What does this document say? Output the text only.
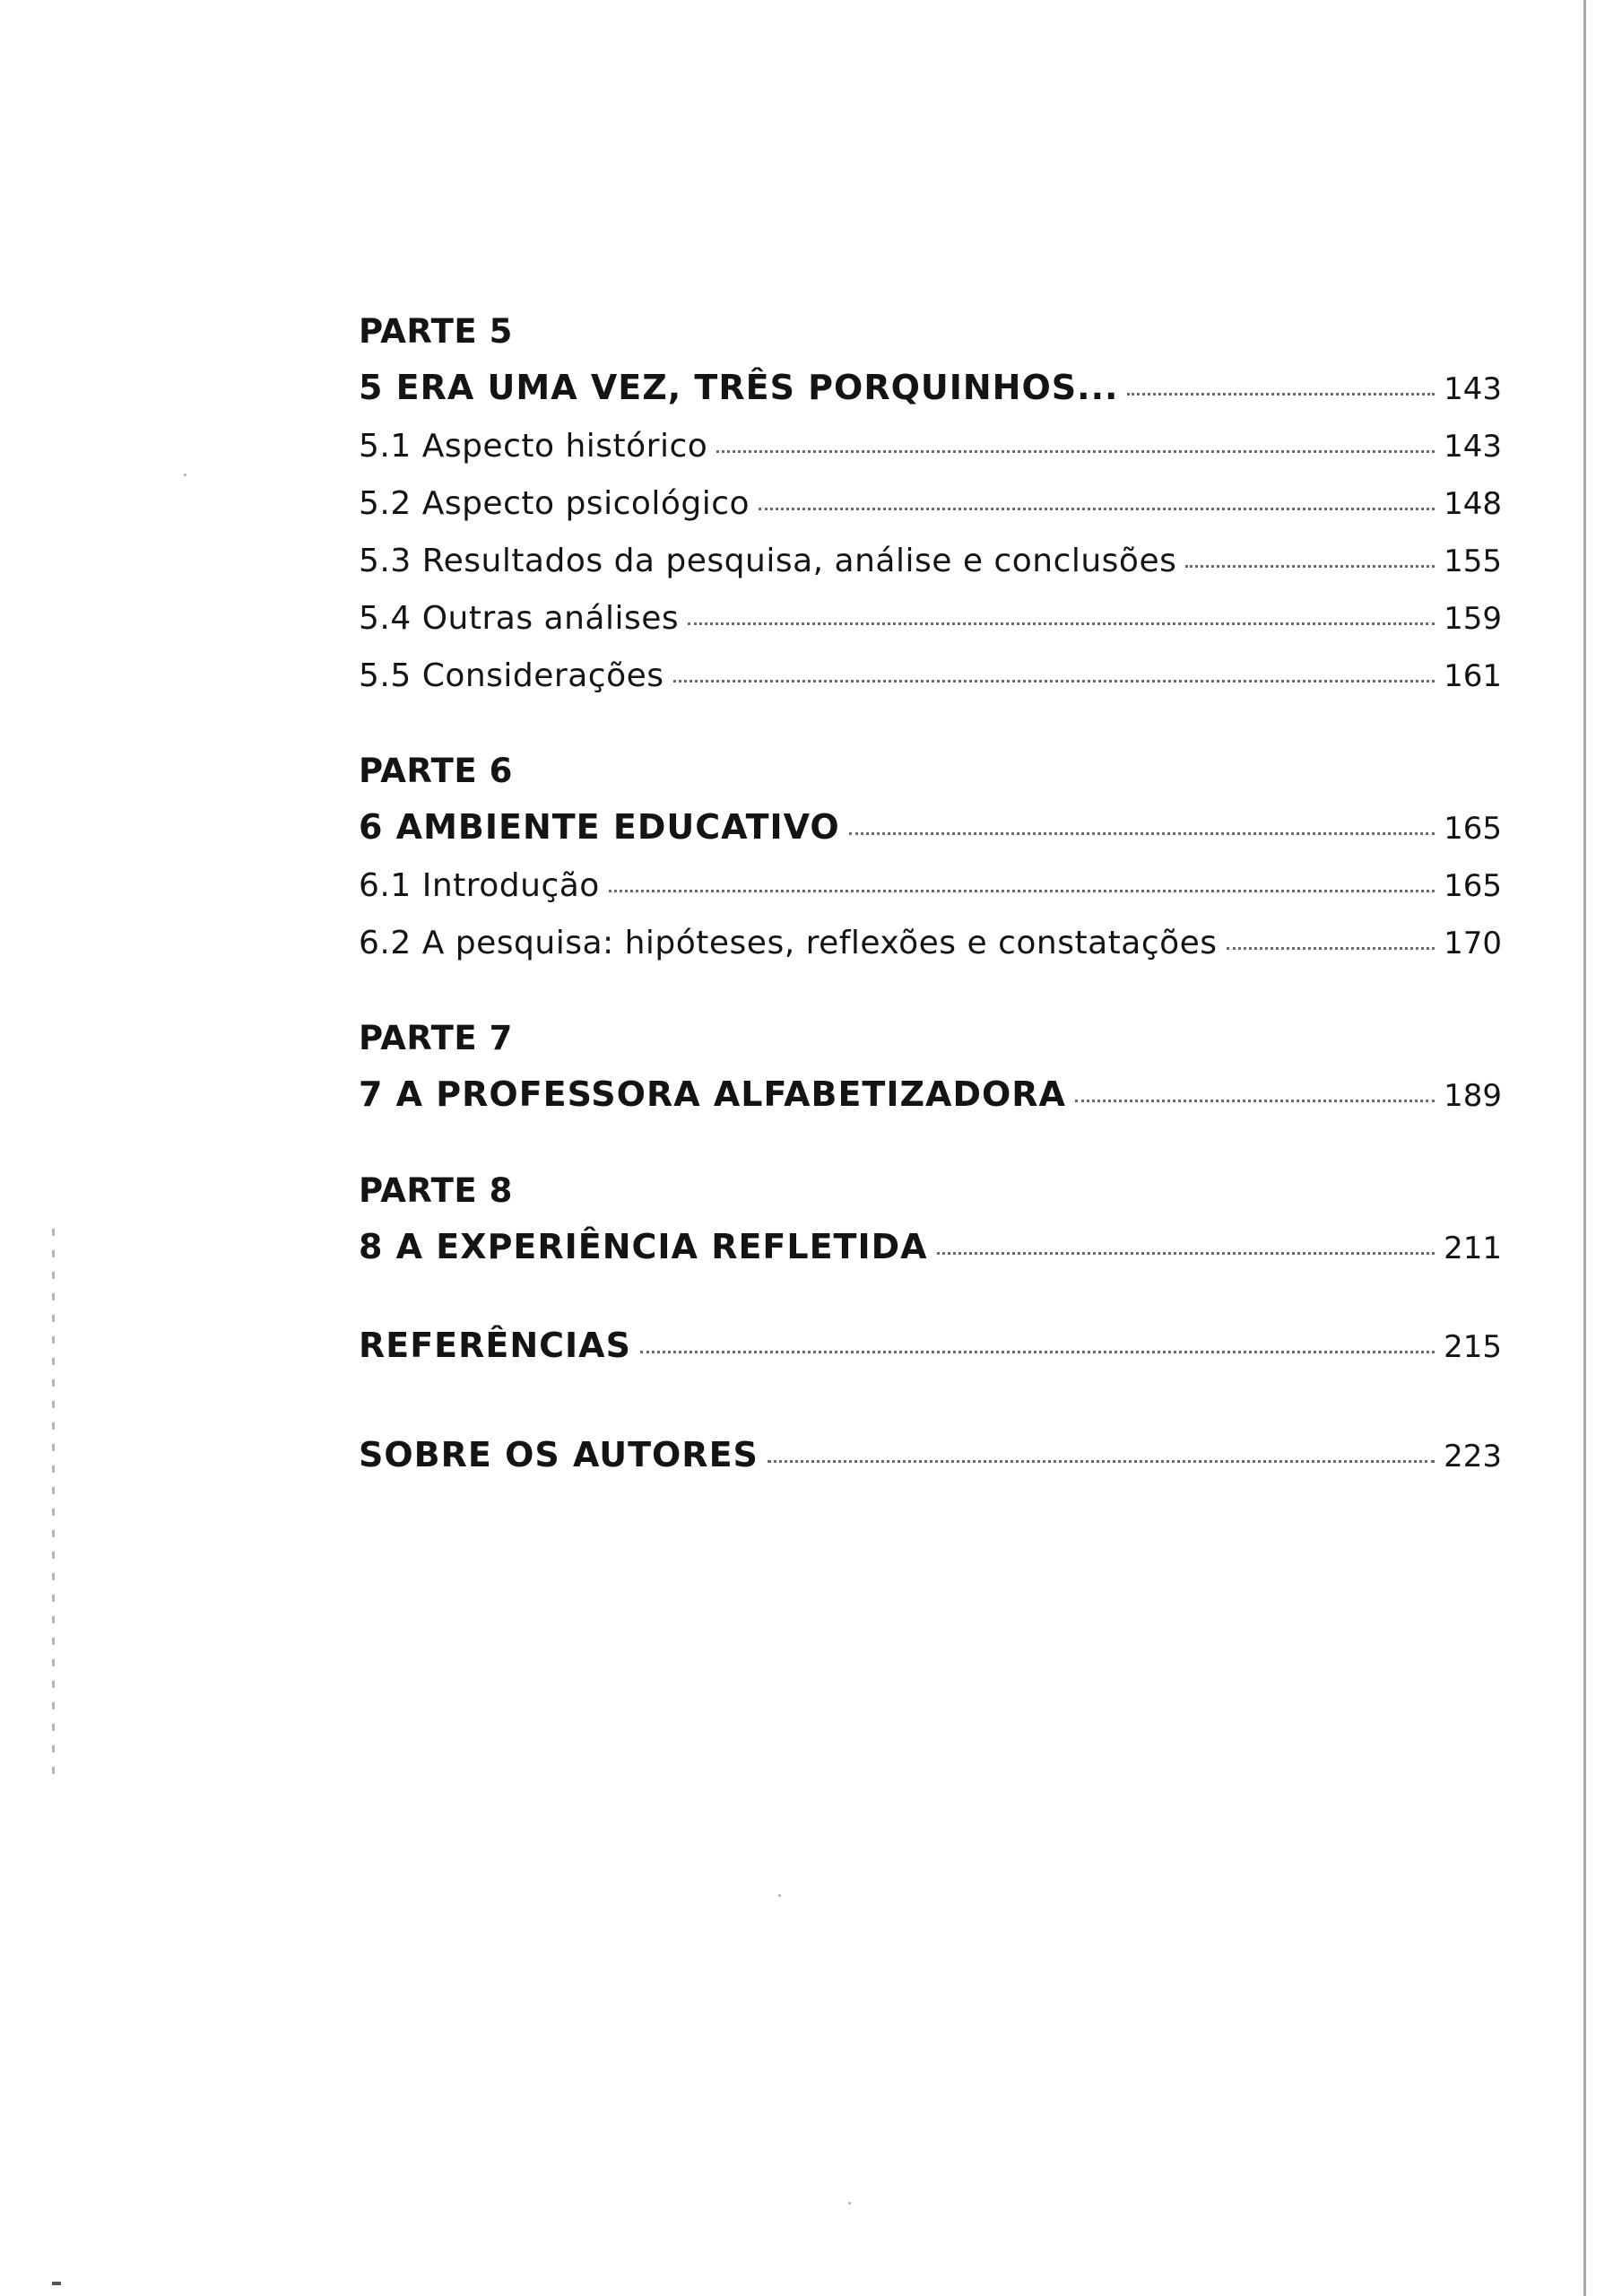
PARTE 5
5 ERA UMA VEZ, TRÊS PORQUINHOS...	143
5.1 Aspecto histórico	143
5.2 Aspecto psicológico	148
5.3 Resultados da pesquisa, análise e conclusões	155
5.4 Outras análises	159
5.5 Considerações	161
PARTE 6
6 AMBIENTE EDUCATIVO	165
6.1 Introdução	165
6.2 A pesquisa: hipóteses, reflexões e constatações	170
PARTE 7
7 A PROFESSORA ALFABETIZADORA	189
PARTE 8
8 A EXPERIÊNCIA REFLETIDA	211
REFERÊNCIAS	215
SOBRE OS AUTORES	223
